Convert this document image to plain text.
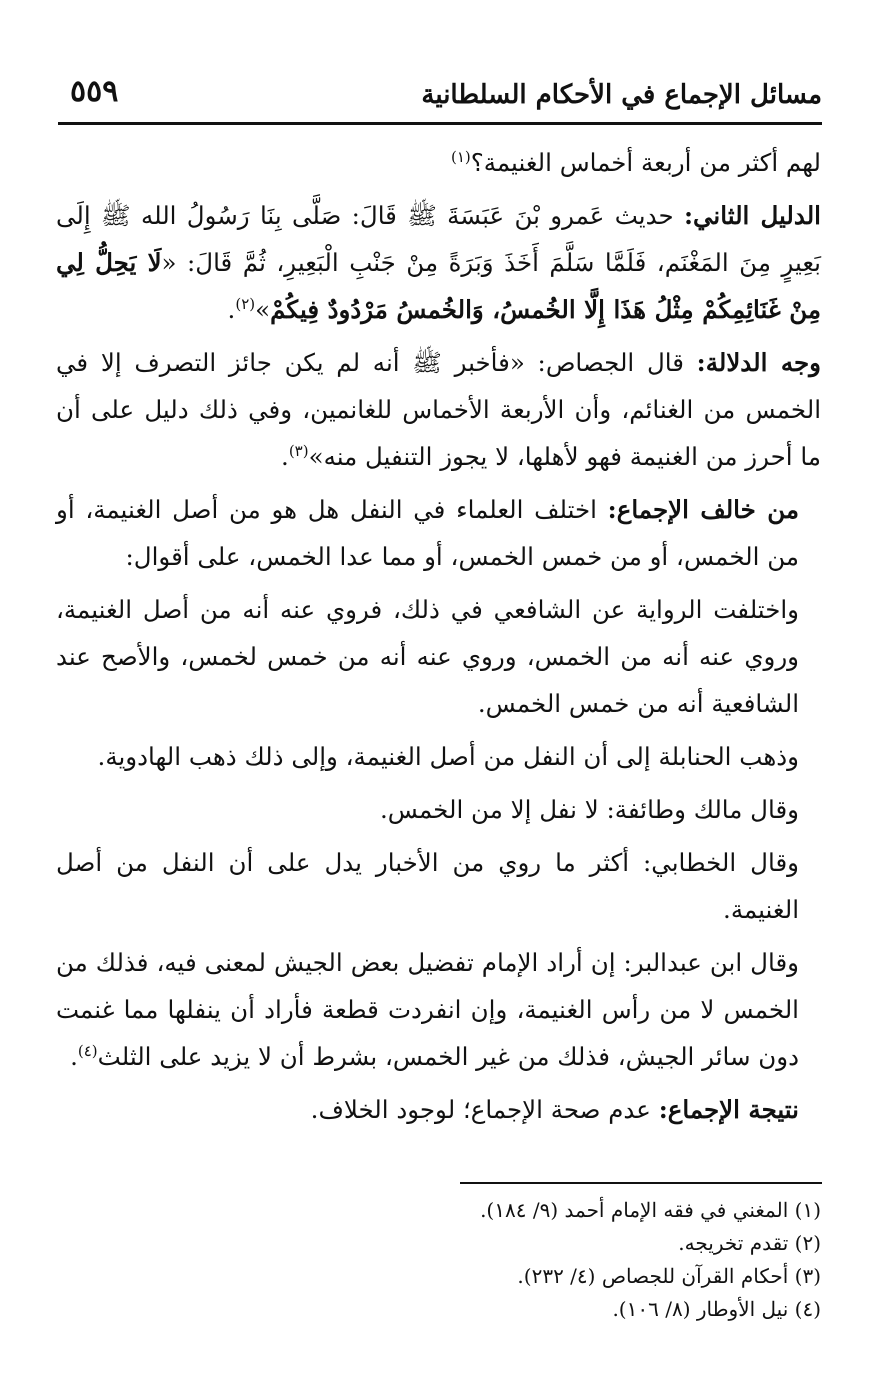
مسائل الإجماع في الأحكام السلطانية
٥٥٩

لهم أكثر من أربعة أخماس الغنيمة؟$^{(١)}$

الدليل الثاني: حديث عَمرو بْنَ عَبَسَةَ ﷺ قَالَ: صَلَّى بِنَا رَسُولُ الله ﷺ إِلَى بَعِيرٍ مِنَ المَغْنَم، فَلَمَّا سَلَّمَ أَخَذَ وَبَرَةً مِنْ جَنْبِ الْبَعِيرِ، ثُمَّ قَالَ: «لَا يَحِلُّ لِي مِنْ غَنَائِمِكُمْ مِثْلُ هَذَا إِلَّا الخُمسُ، وَالخُمسُ مَرْدُودٌ فِيكُمْ»$^{(٢)}$.

وجه الدلالة: قال الجصاص: «فأخبر ﷺ أنه لم يكن جائز التصرف إلا في الخمس من الغنائم، وأن الأربعة الأخماس للغانمين، وفي ذلك دليل على أن ما أحرز من الغنيمة فهو لأهلها، لا يجوز التنفيل منه»$^{(٣)}$.

من خالف الإجماع: اختلف العلماء في النفل هل هو من أصل الغنيمة، أو من الخمس، أو من خمس الخمس، أو مما عدا الخمس، على أقوال:

واختلفت الرواية عن الشافعي في ذلك، فروي عنه أنه من أصل الغنيمة، وروي عنه أنه من الخمس، وروي عنه أنه من خمس لخمس، والأصح عند الشافعية أنه من خمس الخمس.

وذهب الحنابلة إلى أن النفل من أصل الغنيمة، وإلى ذلك ذهب الهادوية.

وقال مالك وطائفة: لا نفل إلا من الخمس.

وقال الخطابي: أكثر ما روي من الأخبار يدل على أن النفل من أصل الغنيمة.

وقال ابن عبدالبر: إن أراد الإمام تفضيل بعض الجيش لمعنى فيه، فذلك من الخمس لا من رأس الغنيمة، وإن انفردت قطعة فأراد أن ينفلها مما غنمت دون سائر الجيش، فذلك من غير الخمس، بشرط أن لا يزيد على الثلث$^{(٤)}$.

نتيجة الإجماع: عدم صحة الإجماع؛ لوجود الخلاف.

(١) المغني في فقه الإمام أحمد (٩/ ١٨٤).

(٢) تقدم تخريجه.

(٣) أحكام القرآن للجصاص (٤/ ٢٣٢).

(٤) نيل الأوطار (٨/ ١٠٦).
